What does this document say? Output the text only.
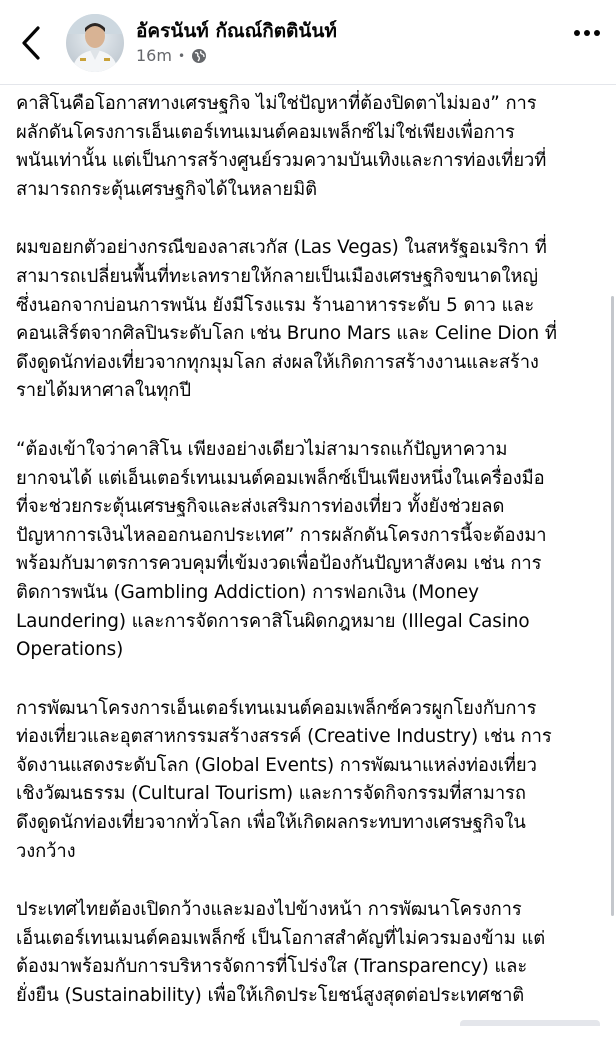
อัครนันท์ กัณณ์กิตตินันท์
16m •
คาสิโนคือโอกาสทางเศรษฐกิจ ไม่ใช่ปัญหาที่ต้องปิดตาไม่มอง” การ
ผลักดันโครงการเอ็นเตอร์เทนเมนต์คอมเพล็กซ์ไม่ใช่เพียงเพื่อการ
พนันเท่านั้น แต่เป็นการสร้างศูนย์รวมความบันเทิงและการท่องเที่ยวที่
สามารถกระตุ้นเศรษฐกิจได้ในหลายมิติ
ผมขอยกตัวอย่างกรณีของลาสเวกัส (Las Vegas) ในสหรัฐอเมริกา ที่
สามารถเปลี่ยนพื้นที่ทะเลทรายให้กลายเป็นเมืองเศรษฐกิจขนาดใหญ่
ซึ่งนอกจากบ่อนการพนัน ยังมีโรงแรม ร้านอาหารระดับ 5 ดาว และ
คอนเสิร์ตจากศิลปินระดับโลก เช่น Bruno Mars และ Celine Dion ที่
ดึงดูดนักท่องเที่ยวจากทุกมุมโลก ส่งผลให้เกิดการสร้างงานและสร้าง
รายได้มหาศาลในทุกปี
“ต้องเข้าใจว่าคาสิโน เพียงอย่างเดียวไม่สามารถแก้ปัญหาความ
ยากจนได้ แต่เอ็นเตอร์เทนเมนต์คอมเพล็กซ์เป็นเพียงหนึ่งในเครื่องมือ
ที่จะช่วยกระตุ้นเศรษฐกิจและส่งเสริมการท่องเที่ยว ทั้งยังช่วยลด
ปัญหาการเงินไหลออกนอกประเทศ” การผลักดันโครงการนี้จะต้องมา
พร้อมกับมาตรการควบคุมที่เข้มงวดเพื่อป้องกันปัญหาสังคม เช่น การ
ติดการพนัน (Gambling Addiction) การฟอกเงิน (Money
Laundering) และการจัดการคาสิโนผิดกฎหมาย (Illegal Casino
Operations)
การพัฒนาโครงการเอ็นเตอร์เทนเมนต์คอมเพล็กซ์ควรผูกโยงกับการ
ท่องเที่ยวและอุตสาหกรรมสร้างสรรค์ (Creative Industry) เช่น การ
จัดงานแสดงระดับโลก (Global Events) การพัฒนาแหล่งท่องเที่ยว
เชิงวัฒนธรรม (Cultural Tourism) และการจัดกิจกรรมที่สามารถ
ดึงดูดนักท่องเที่ยวจากทั่วโลก เพื่อให้เกิดผลกระทบทางเศรษฐกิจใน
วงกว้าง
ประเทศไทยต้องเปิดกว้างและมองไปข้างหน้า การพัฒนาโครงการ
เอ็นเตอร์เทนเมนต์คอมเพล็กซ์ เป็นโอกาสสำคัญที่ไม่ควรมองข้าม แต่
ต้องมาพร้อมกับการบริหารจัดการที่โปร่งใส (Transparency) และ
ยั่งยืน (Sustainability) เพื่อให้เกิดประโยชน์สูงสุดต่อประเทศชาติ
